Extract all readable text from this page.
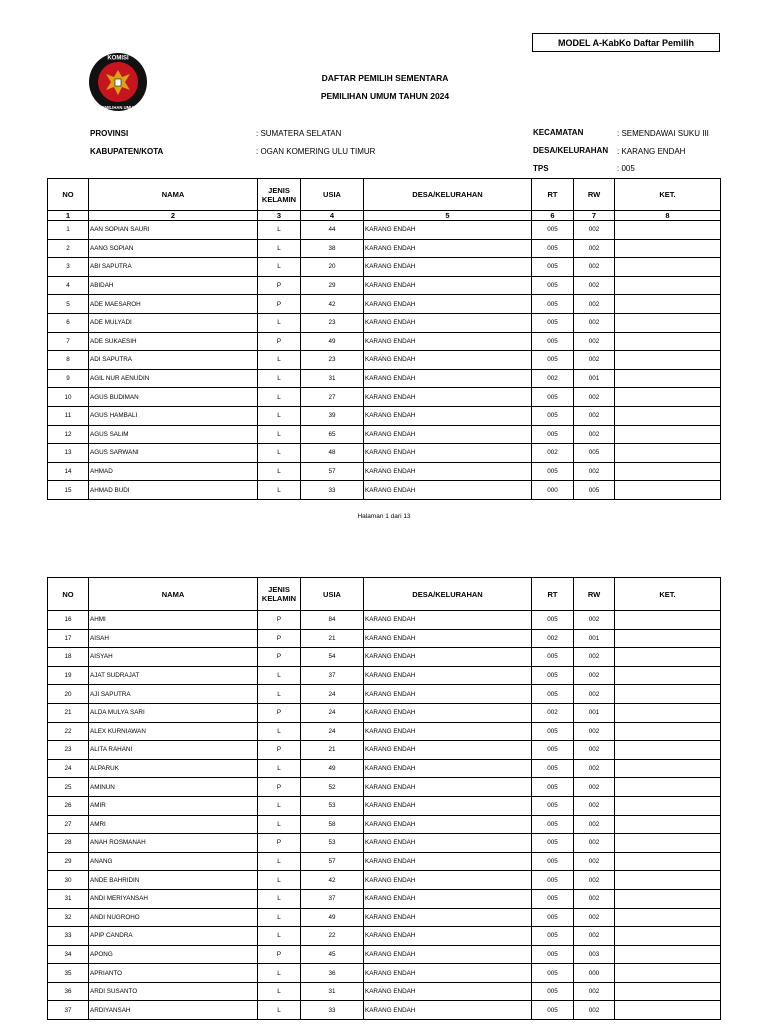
MODEL A-KabKo Daftar Pemilih
KOMISI
PEMILIHAN UMUM
DAFTAR PEMILIH SEMENTARA
PEMILIHAN UMUM TAHUN 2024
PROVINSI	: SUMATERA SELATAN
KABUPATEN/KOTA	: OGAN KOMERING ULU TIMUR
KECAMATAN	: SEMENDAWAI SUKU III
DESA/KELURAHAN : KARANG ENDAH
TPS	: 005
NO	NAMA	JENIS
KELAMIN	USIA	DESA/KELURAHAN	RT	RW	KET.
1	2	3	4	5	6	7	8
1	AAN SOPIAN SAURI	L	44	KARANG ENDAH	005	002	
2	AANG SOPIAN	L	38	KARANG ENDAH	005	002	
3	ABI SAPUTRA	L	20	KARANG ENDAH	005	002	
4	ABIDAH	P	29	KARANG ENDAH	005	002	
5	ADE MAESAROH	P	42	KARANG ENDAH	005	002	
6	ADE MULYADI	L	23	KARANG ENDAH	005	002	
7	ADE SUKAESIH	P	49	KARANG ENDAH	005	002	
8	ADI SAPUTRA	L	23	KARANG ENDAH	005	002	
9	AGIL NUR AENUDIN	L	31	KARANG ENDAH	002	001	
10	AGUS BUDIMAN	L	27	KARANG ENDAH	005	002	
11	AGUS HAMBALI	L	39	KARANG ENDAH	005	002	
12	AGUS SALIM	L	65	KARANG ENDAH	005	002	
13	AGUS SARWANI	L	48	KARANG ENDAH	002	005	
14	AHMAD	L	57	KARANG ENDAH	005	002	
15	AHMAD BUDI	L	33	KARANG ENDAH	000	005	
Halaman 1 dari 13
NO	NAMA	JENIS
KELAMIN	USIA	DESA/KELURAHAN	RT	RW	KET.
16	AHMI	P	84	KARANG ENDAH	005	002	
17	AISAH	P	21	KARANG ENDAH	002	001	
18	AISYAH	P	54	KARANG ENDAH	005	002	
19	AJAT SUDRAJAT	L	37	KARANG ENDAH	005	002	
20	AJI SAPUTRA	L	24	KARANG ENDAH	005	002	
21	ALDA MULYA SARI	P	24	KARANG ENDAH	002	001	
22	ALEX KURNIAWAN	L	24	KARANG ENDAH	005	002	
23	ALITA RAHANI	P	21	KARANG ENDAH	005	002	
24	ALPARUK	L	49	KARANG ENDAH	005	002	
25	AMINUN	P	52	KARANG ENDAH	005	002	
26	AMIR	L	53	KARANG ENDAH	005	002	
27	AMRI	L	58	KARANG ENDAH	005	002	
28	ANAH ROSMANAH	P	53	KARANG ENDAH	005	002	
29	ANANG	L	57	KARANG ENDAH	005	002	
30	ANDE BAHRIDIN	L	42	KARANG ENDAH	005	002	
31	ANDI MERIYANSAH	L	37	KARANG ENDAH	005	002	
32	ANDI NUGROHO	L	49	KARANG ENDAH	005	002	
33	APIP CANDRA	L	22	KARANG ENDAH	005	002	
34	APONG	P	45	KARANG ENDAH	005	003	
35	APRIANTO	L	36	KARANG ENDAH	005	000	
36	ARDI SUSANTO	L	31	KARANG ENDAH	005	002	
37	ARDIYANSAH	L	33	KARANG ENDAH	005	002	
